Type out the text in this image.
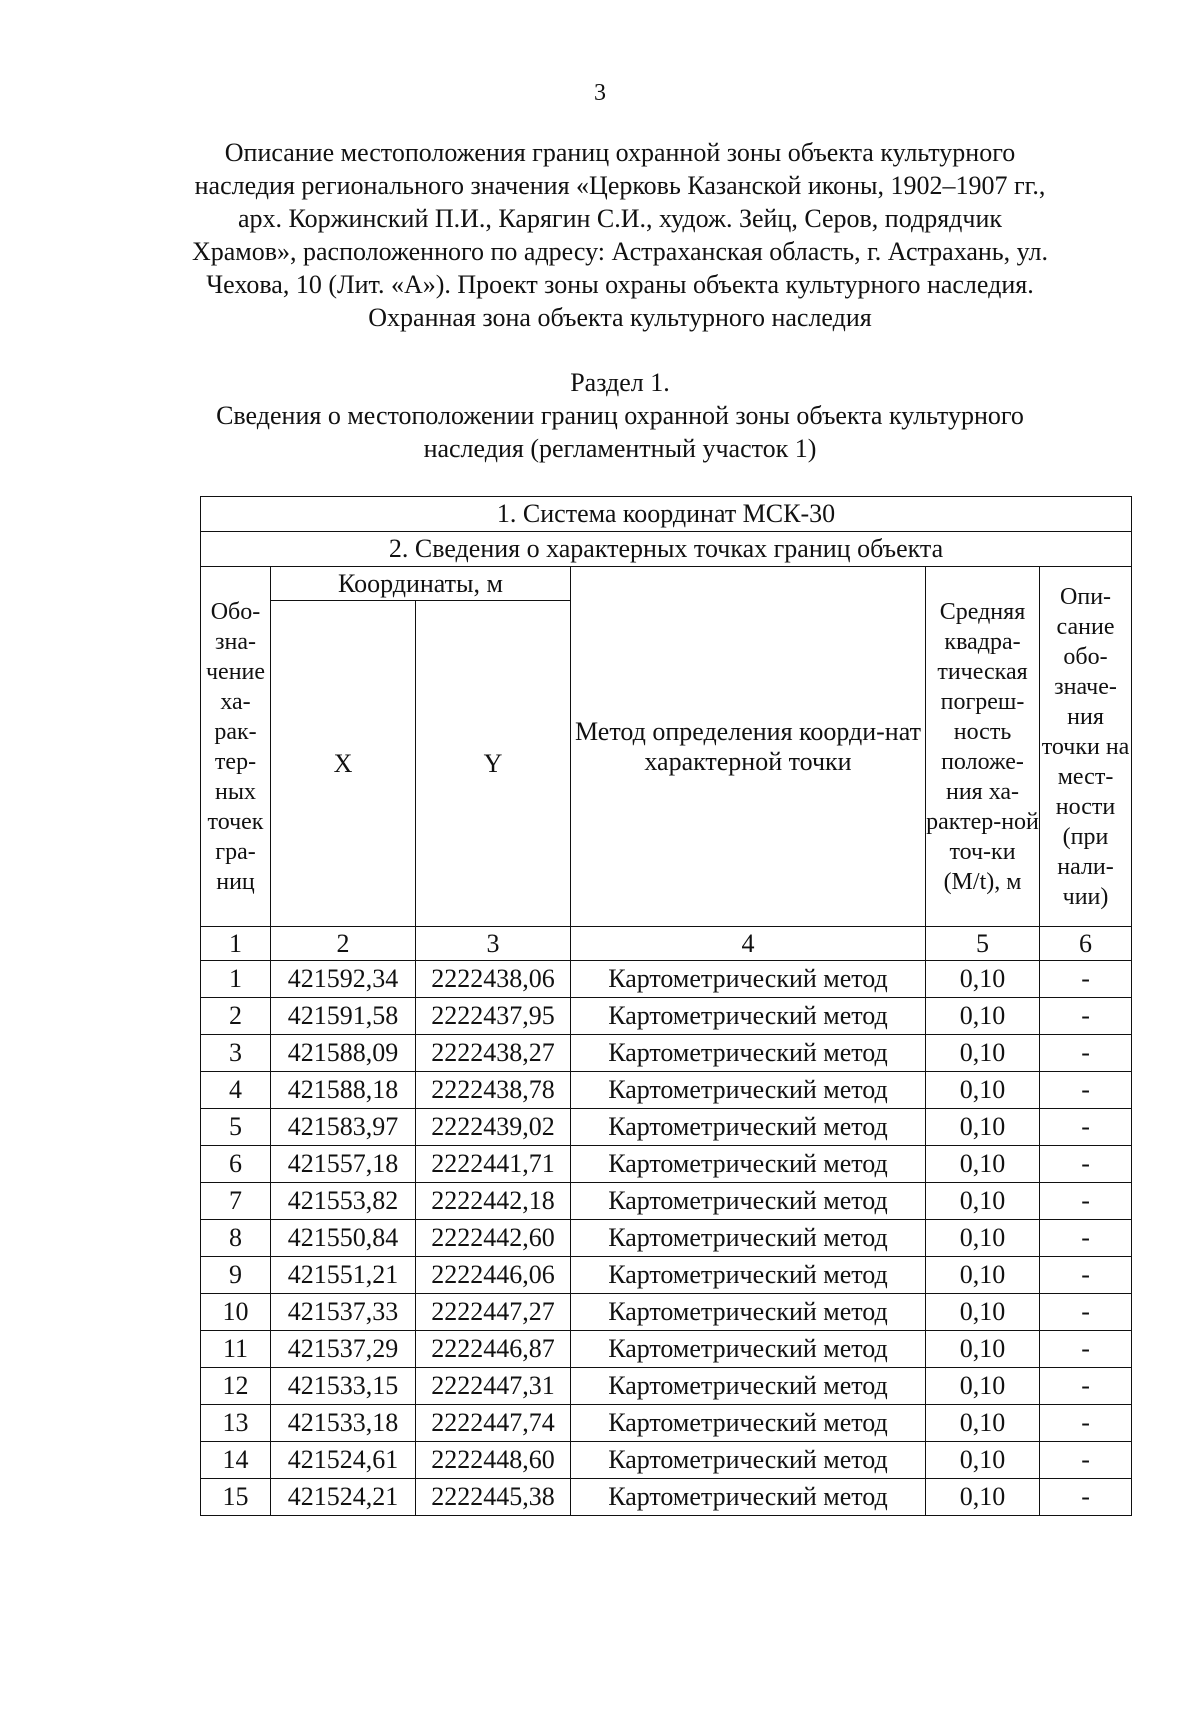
3
Описание местоположения границ охранной зоны объекта культурного наследия регионального значения «Церковь Казанской иконы, 1902–1907 гг., арх. Коржинский П.И., Карягин С.И., худож. Зейц, Серов, подрядчик Храмов», расположенного по адресу: Астраханская область, г. Астрахань, ул. Чехова, 10 (Лит. «А»). Проект зоны охраны объекта культурного наследия. Охранная зона объекта культурного наследия
Раздел 1.
Сведения о местоположении границ охранной зоны объекта культурного наследия (регламентный участок 1)
1. Система координат МСК-30					
2. Сведения о характерных точках границ объекта					
Обо-зна-чение ха-рак-тер-ных точек гра-ниц	Координаты, м		Метод определения коорди-нат характерной точки	Средняя квадра-тическая погреш-ность положе-ния ха-рактер-ной точ-ки (М/t), м	Опи-сание обо-значе-ния точки на мест-ности (при нали-чии)
	X	Y			
1	2	3	4	5	6
1	421592,34	2222438,06	Картометрический метод	0,10	-
2	421591,58	2222437,95	Картометрический метод	0,10	-
3	421588,09	2222438,27	Картометрический метод	0,10	-
4	421588,18	2222438,78	Картометрический метод	0,10	-
5	421583,97	2222439,02	Картометрический метод	0,10	-
6	421557,18	2222441,71	Картометрический метод	0,10	-
7	421553,82	2222442,18	Картометрический метод	0,10	-
8	421550,84	2222442,60	Картометрический метод	0,10	-
9	421551,21	2222446,06	Картометрический метод	0,10	-
10	421537,33	2222447,27	Картометрический метод	0,10	-
11	421537,29	2222446,87	Картометрический метод	0,10	-
12	421533,15	2222447,31	Картометрический метод	0,10	-
13	421533,18	2222447,74	Картометрический метод	0,10	-
14	421524,61	2222448,60	Картометрический метод	0,10	-
15	421524,21	2222445,38	Картометрический метод	0,10	-
